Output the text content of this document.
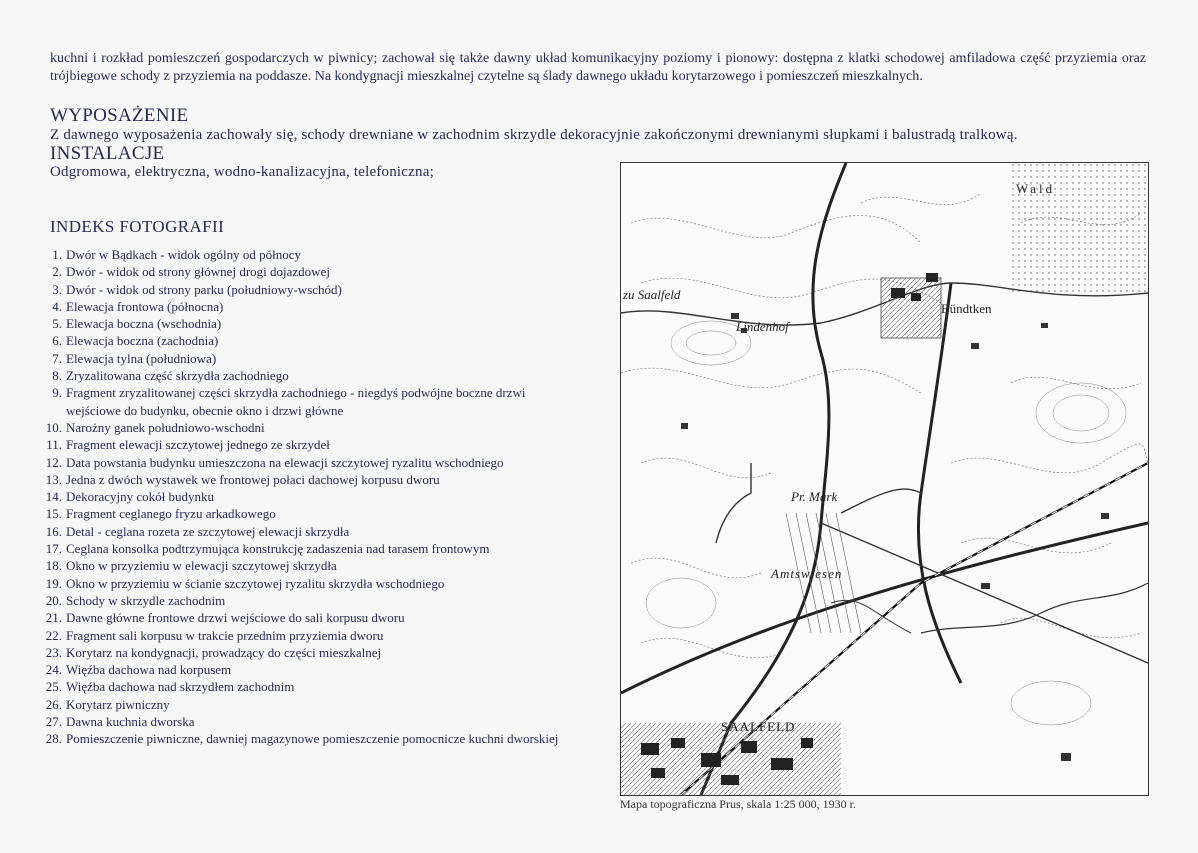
kuchni i rozkład pomieszczeń gospodarczych w piwnicy; zachował się także dawny układ komunikacyjny poziomy i pionowy: dostępna z klatki schodowej amfiladowa część przyziemia oraz trójbiegowe schody z przyziemia na poddasze. Na kondygnacji mieszkalnej czytelne są ślady dawnego układu korytarzowego i pomieszczeń mieszkalnych.

WYPOSAŻENIE
Z dawnego wyposażenia zachowały się, schody drewniane w zachodnim skrzydle dekoracyjnie zakończonymi drewnianymi słupkami i balustradą tralkową.
INSTALACJE
Odgromowa, elektryczna, wodno-kanalizacyjna, telefoniczna;
INDEKS FOTOGRAFII
1. Dwór w Bądkach - widok ogólny od północy
2. Dwór - widok od strony głównej drogi dojazdowej
3. Dwór - widok od strony parku (południowy-wschód)
4. Elewacja frontowa (północna)
5. Elewacja boczna (wschodnia)
6. Elewacja boczna (zachodnia)
7. Elewacja tylna (południowa)
8. Zryzalitowana część skrzydła zachodniego
9. Fragment zryzalitowanej części skrzydła zachodniego - niegdyś podwójne boczne drzwi wejściowe do budynku, obecnie okno i drzwi główne
10. Narożny ganek południowo-wschodni
11. Fragment elewacji szczytowej jednego ze skrzydeł
12. Data powstania budynku umieszczona na elewacji szczytowej ryzalitu wschodniego
13. Jedna z dwóch wystawek we frontowej połaci dachowej korpusu dworu
14. Dekoracyjny cokół budynku
15. Fragment ceglanego fryzu arkadkowego
16. Detal - ceglana rozeta ze szczytowej elewacji skrzydła
17. Ceglana konsolka podtrzymująca konstrukcję zadaszenia nad tarasem frontowym
18. Okno w przyziemiu w elewacji szczytowej skrzydła
19. Okno w przyziemiu w ścianie szczytowej ryzalitu skrzydła wschodniego
20. Schody w skrzydle zachodnim
21. Dawne główne frontowe drzwi wejściowe do sali korpusu dworu
22. Fragment sali korpusu w trakcie przednim przyziemia dworu
23. Korytarz na kondygnacji, prowadzący do części mieszkalnej
24. Więźba dachowa nad korpusem
25. Więźba dachowa nad skrzydłem zachodnim
26. Korytarz piwniczny
27. Dawna kuchnia dworska
28. Pomieszczenie piwniczne, dawniej magazynowe pomieszczenie pomocnicze kuchni dworskiej
Wald
Bündtken
Lindenhof
zu Saalfeld
Pr. Mark
Amtswiesen
SAALFELD
Mapa topograficzna Prus, skala 1:25 000, 1930 r.
